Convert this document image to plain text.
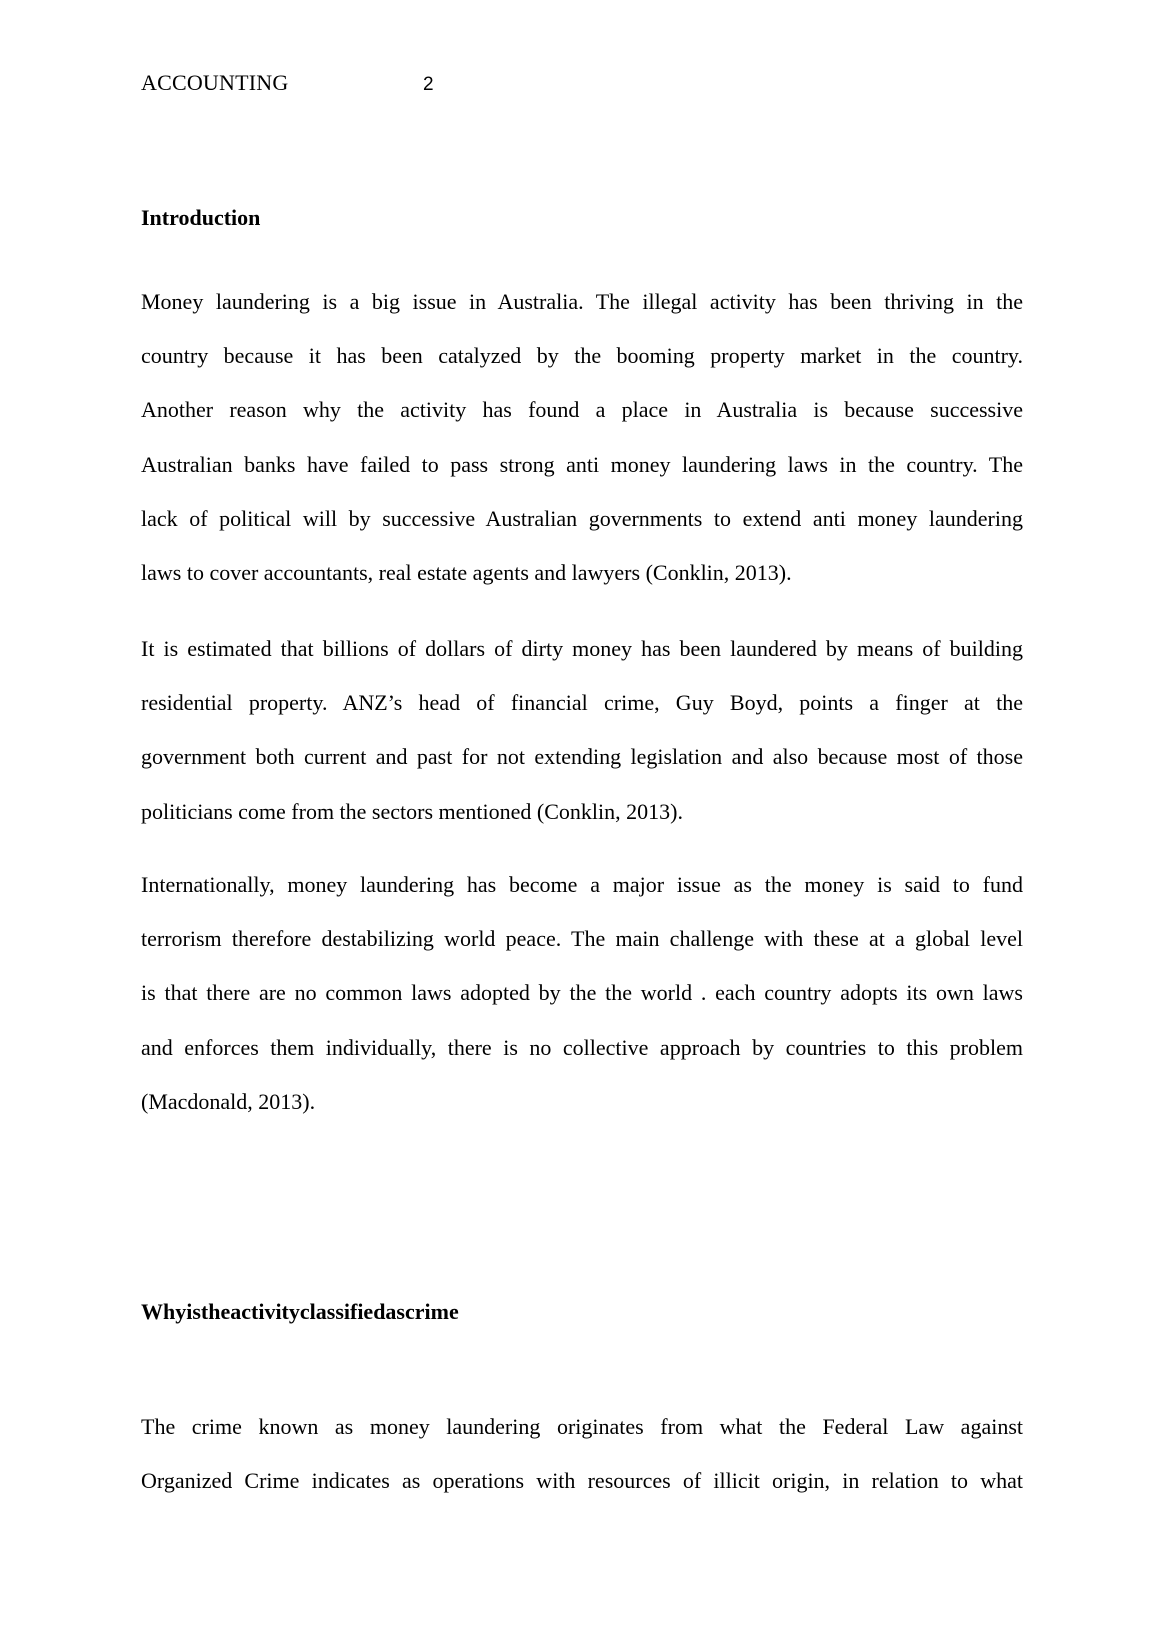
ACCOUNTING	2
Introduction

Money laundering is a big issue in Australia. The illegal activity has been thriving in the
country because it has been catalyzed by the booming property market in the country.
Another reason why the activity has found a place in Australia is because successive
Australian banks have failed to pass strong anti money laundering laws in the country. The
lack of political will by successive Australian governments to extend anti money laundering
laws to cover accountants, real estate agents and lawyers (Conklin, 2013).

It is estimated that billions of dollars of dirty money has been laundered by means of building
residential property. ANZ’s head of financial crime, Guy Boyd, points a finger at the
government both current and past for not extending legislation and also because most of those
politicians come from the sectors mentioned (Conklin, 2013).

Internationally, money laundering has become a major issue as the money is said to fund
terrorism therefore destabilizing world peace. The main challenge with these at a global level
is that there are no common laws adopted by the the world . each country adopts its own laws
and enforces them individually, there is no collective approach by countries to this problem
(Macdonald, 2013).

Whyistheactivityclassifiedascrime

The crime known as money laundering originates from what the Federal Law against
Organized Crime indicates as operations with resources of illicit origin, in relation to what
